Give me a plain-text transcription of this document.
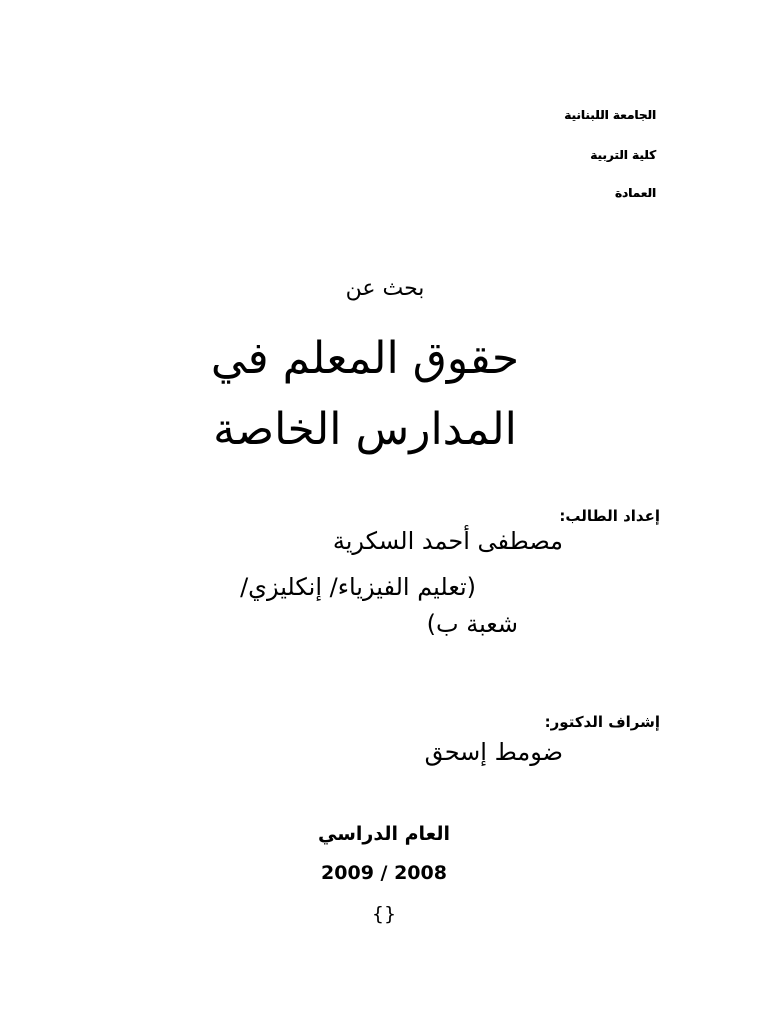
الجامعة اللبنانية
كلية التربية
العمادة
بحث عن
حقوق المعلم في
المدارس الخاصة
إعداد الطالب:
مصطفى أحمد السكرية
(تعليم الفيزياء/ إنكليزي/
شعبة ب)
إشراف الدكتور:
ضومط إسحق
العام الدراسي
2009 / 2008
{}
